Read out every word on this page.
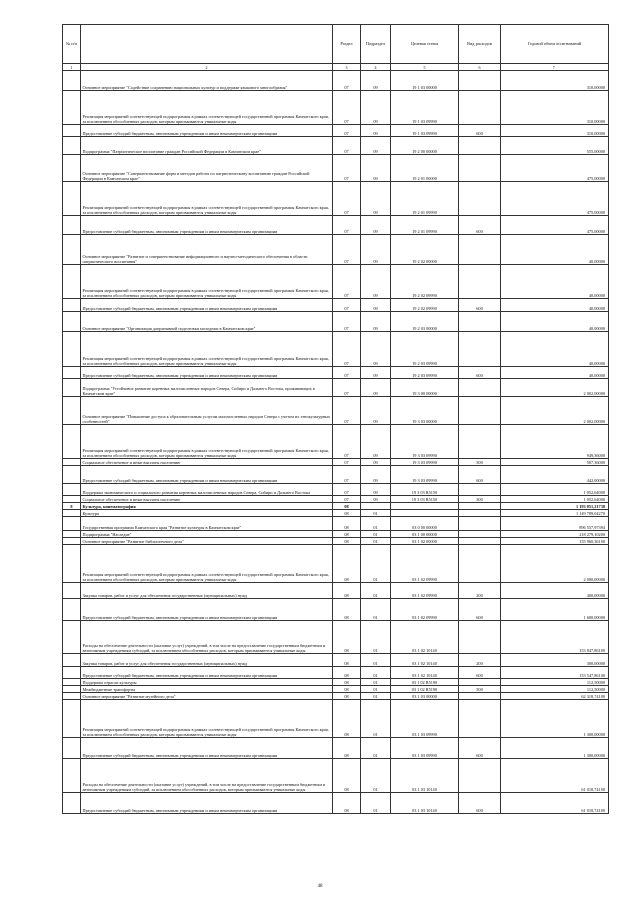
№ п/п		Раздел	Подраздел	Целевая статья	Вид расходов	Годовой объем ассигнований
1	2	3	4	5	6	7
	Основное мероприятие "Содействие сохранению национальных культур и поддержке языкового многообразия"	07	09	19 1 03 00000		310,00000
	Реализация мероприятий соответствующей подпрограммы в рамках соответствующей государственной программы Камчатского края, за исключением обособленных расходов, которым присваиваются уникальные коды	07	09	19 1 03 09990		310,00000
	Предоставление субсидий бюджетным, автономным учреждениям и иным некоммерческим организациям	07	09	19 1 03 09990	600	310,00000
	Подпрограмма "Патриотическое воспитание граждан Российской Федерации в Камчатском крае"	07	09	19 2 00 00000		555,00000
	Основное мероприятие "Совершенствование форм и методов работы по патриотическому воспитанию граждан Российской Федерации в Камчатском крае"	07	09	19 2 01 00000		475,00000
	Реализация мероприятий соответствующей подпрограммы в рамках соответствующей государственной программы Камчатского края, за исключением обособленных расходов, которым присваиваются уникальные коды	07	09	19 2 01 09990		475,00000
	Предоставление субсидий бюджетным, автономным учреждениям и иным некоммерческим организациям	07	09	19 2 01 09990	600	475,00000
	Основное мероприятие "Развитие и совершенствование информационного и научно-методического обеспечения в области патриотического воспитания"	07	09	19 2 02 00000		40,00000
	Реализация мероприятий соответствующей подпрограммы в рамках соответствующей государственной программы Камчатского края, за исключением обособленных расходов, которым присваиваются уникальные коды	07	09	19 2 02 09990		40,00000
	Предоставление субсидий бюджетным, автономным учреждениям и иным некоммерческим организациям	07	09	19 2 02 09990	600	40,00000
	Основное мероприятие "Организация допризывной подготовки молодежи в Камчатском крае"	07	09	19 2 03 00000		40,00000
	Реализация мероприятий соответствующей подпрограммы в рамках соответствующей государственной программы Камчатского края, за исключением обособленных расходов, которым присваиваются уникальные коды	07	09	19 2 03 09990		40,00000
	Предоставление субсидий бюджетным, автономным учреждениям и иным некоммерческим организациям	07	09	19 2 03 09990	600	40,00000
	Подпрограмма "Устойчивое развитие коренных малочисленных народов Севера, Сибири и Дальнего Востока, проживающих в Камчатском крае"	07	09	19 3 00 00000		2 002,00000
	Основное мероприятие "Повышение доступа к образовательным услугам малочисленных народов Севера с учетом их этнокультурных особенностей"	07	09	19 3 03 00000		2 002,00000
	Реализация мероприятий соответствующей подпрограммы в рамках соответствующей государственной программы Камчатского края, за исключением обособленных расходов, которым присваиваются уникальные коды	07	09	19 3 03 09990		949,36000
	Социальное обеспечение и иные выплаты населению	07	09	19 3 03 09990	300	507,36000
	Предоставление субсидий бюджетным, автономным учреждениям и иным некоммерческим организациям	07	09	19 3 03 09990	600	442,00000
	Поддержка экономического и социального развития коренных малочисленных народов Севера, Сибири и Дальнего Востока	07	09	19 3 03 R5150		1 052,64000
	Социальное обеспечение и иные выплаты населению	07	09	19 3 03 R5150	300	1 052,64000
8	Культура, кинематография	08				1 193 851,21738
	Культура	08	01			1 149 789,04270
	Государственная программа Камчатского края "Развитие культуры в Камчатском крае"	08	01	03 0 00 00000		896 557,97394
	Подпрограмма "Наследие"	08	01	03 1 00 00000		218 279,10200
	Основное мероприятие "Развитие библиотечного дела"	08	01	03 1 02 00000		155 960,36100
	Реализация мероприятий соответствующей подпрограммы в рамках соответствующей государственной программы Камчатского края, за исключением обособленных расходов, которым присваиваются уникальные коды	08	01	03 1 02 09990		2 000,00000
	Закупка товаров, работ и услуг для обеспечения государственных (муниципальных) нужд	08	01	03 1 02 09990	200	400,00000
	Предоставление субсидий бюджетным, автономным учреждениям и иным некоммерческим организациям	08	01	03 1 02 09990	600	1 600,00000
	Расходы на обеспечение деятельности (оказание услуг) учреждений, в том числе на предоставление государственным бюджетным и автономным учреждениям субсидий, за исключением обособленных расходов, которым присваиваются уникальные коды	08	01	03 1 02 10140		153 847,86100
	Закупка товаров, работ и услуг для обеспечения государственных (муниципальных) нужд	08	01	03 1 02 10140	200	300,00000
	Предоставление субсидий бюджетным, автономным учреждениям и иным некоммерческим организациям	08	01	03 1 02 10140	600	153 547,86100
	Поддержка отрасли культуры	08	01	03 1 02 R5190		112,50000
	Межбюджетные трансферты	08	01	03 1 02 R5190	500	112,50000
	Основное мероприятие "Развитие музейного дела"	08	01	03 1 03 00000		62 318,74100
	Реализация мероприятий соответствующей подпрограммы в рамках соответствующей государственной программы Камчатского края, за исключением обособленных расходов, которым присваиваются уникальные коды	08	01	03 1 03 09990		1 300,00000
	Предоставление субсидий бюджетным, автономным учреждениям и иным некоммерческим организациям	08	01	03 1 03 09990	600	1 300,00000
	Расходы на обеспечение деятельности (оказание услуг) учреждений, в том числе на предоставление государственным бюджетным и автономным учреждениям субсидий, за исключением обособленных расходов, которым присваиваются уникальные коды	08	01	03 1 03 10140		61 018,74100
	Предоставление субсидий бюджетным, автономным учреждениям и иным некоммерческим организациям	08	01	03 1 03 10140	600	61 018,74100
48
